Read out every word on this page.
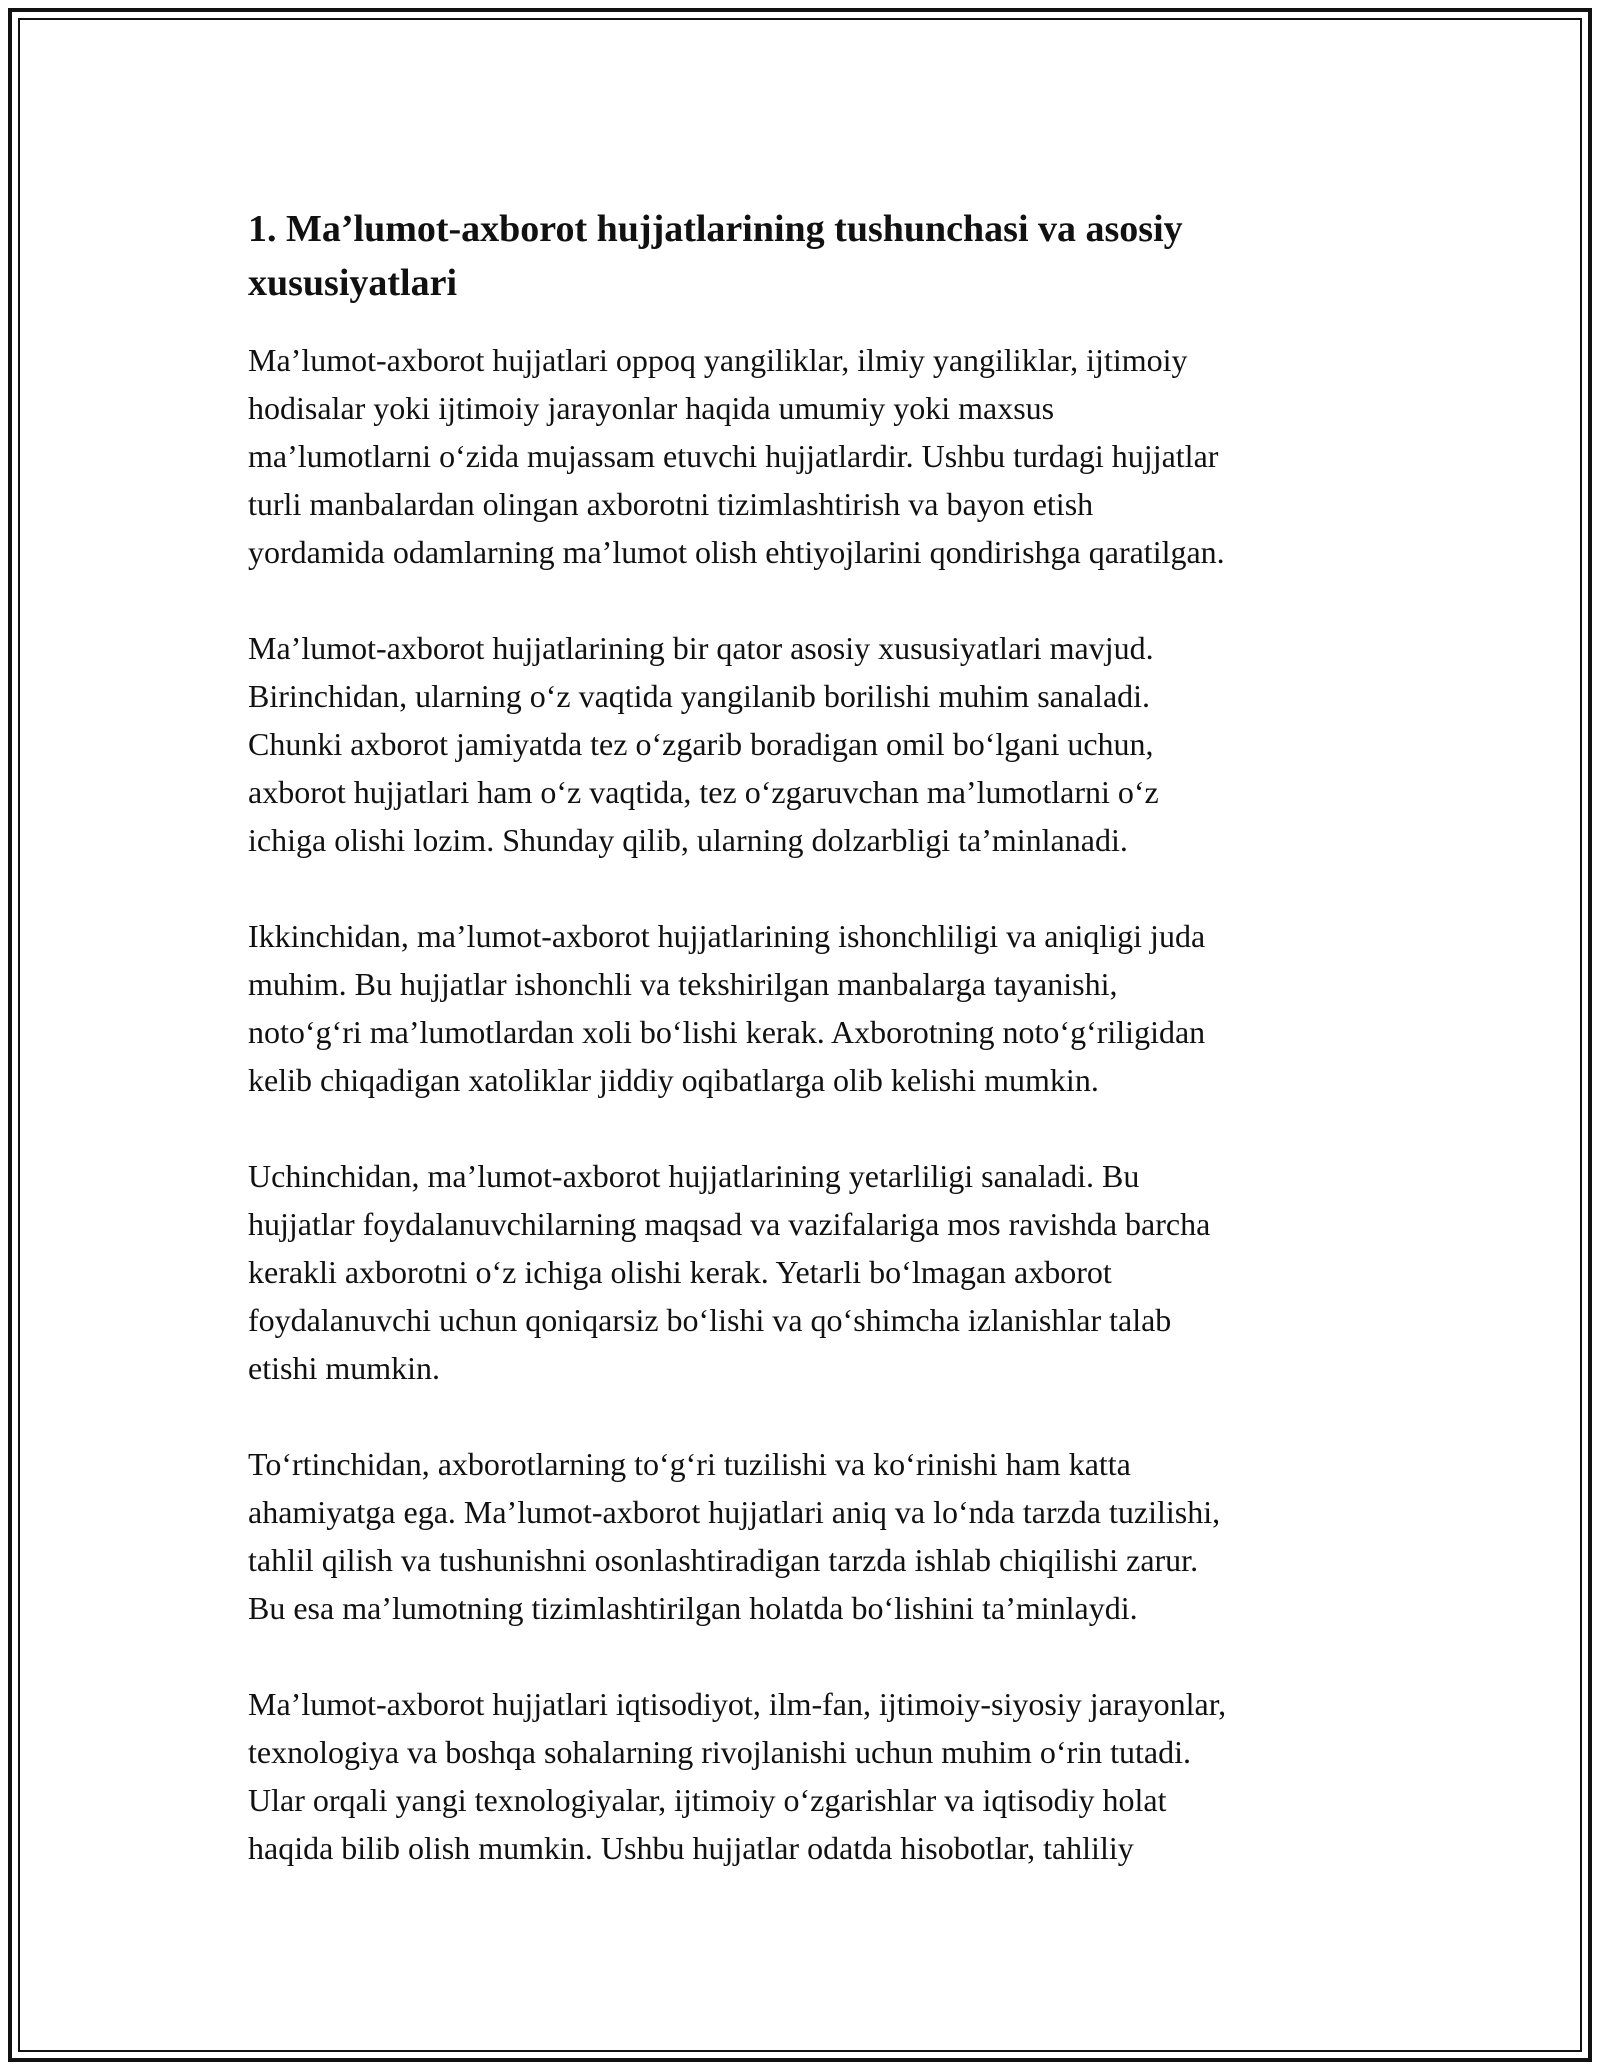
1. Ma’lumot-axborot hujjatlarining tushunchasi va asosiy
xususiyatlari

Ma’lumot-axborot hujjatlari oppoq yangiliklar, ilmiy yangiliklar, ijtimoiy
hodisalar yoki ijtimoiy jarayonlar haqida umumiy yoki maxsus
ma’lumotlarni o‘zida mujassam etuvchi hujjatlardir. Ushbu turdagi hujjatlar
turli manbalardan olingan axborotni tizimlashtirish va bayon etish
yordamida odamlarning ma’lumot olish ehtiyojlarini qondirishga qaratilgan.

Ma’lumot-axborot hujjatlarining bir qator asosiy xususiyatlari mavjud.
Birinchidan, ularning o‘z vaqtida yangilanib borilishi muhim sanaladi.
Chunki axborot jamiyatda tez o‘zgarib boradigan omil bo‘lgani uchun,
axborot hujjatlari ham o‘z vaqtida, tez o‘zgaruvchan ma’lumotlarni o‘z
ichiga olishi lozim. Shunday qilib, ularning dolzarbligi ta’minlanadi.

Ikkinchidan, ma’lumot-axborot hujjatlarining ishonchliligi va aniqligi juda
muhim. Bu hujjatlar ishonchli va tekshirilgan manbalarga tayanishi,
noto‘g‘ri ma’lumotlardan xoli bo‘lishi kerak. Axborotning noto‘g‘riligidan
kelib chiqadigan xatoliklar jiddiy oqibatlarga olib kelishi mumkin.

Uchinchidan, ma’lumot-axborot hujjatlarining yetarliligi sanaladi. Bu
hujjatlar foydalanuvchilarning maqsad va vazifalariga mos ravishda barcha
kerakli axborotni o‘z ichiga olishi kerak. Yetarli bo‘lmagan axborot
foydalanuvchi uchun qoniqarsiz bo‘lishi va qo‘shimcha izlanishlar talab
etishi mumkin.

To‘rtinchidan, axborotlarning to‘g‘ri tuzilishi va ko‘rinishi ham katta
ahamiyatga ega. Ma’lumot-axborot hujjatlari aniq va lo‘nda tarzda tuzilishi,
tahlil qilish va tushunishni osonlashtiradigan tarzda ishlab chiqilishi zarur.
Bu esa ma’lumotning tizimlashtirilgan holatda bo‘lishini ta’minlaydi.

Ma’lumot-axborot hujjatlari iqtisodiyot, ilm-fan, ijtimoiy-siyosiy jarayonlar,
texnologiya va boshqa sohalarning rivojlanishi uchun muhim o‘rin tutadi.
Ular orqali yangi texnologiyalar, ijtimoiy o‘zgarishlar va iqtisodiy holat
haqida bilib olish mumkin. Ushbu hujjatlar odatda hisobotlar, tahliliy
